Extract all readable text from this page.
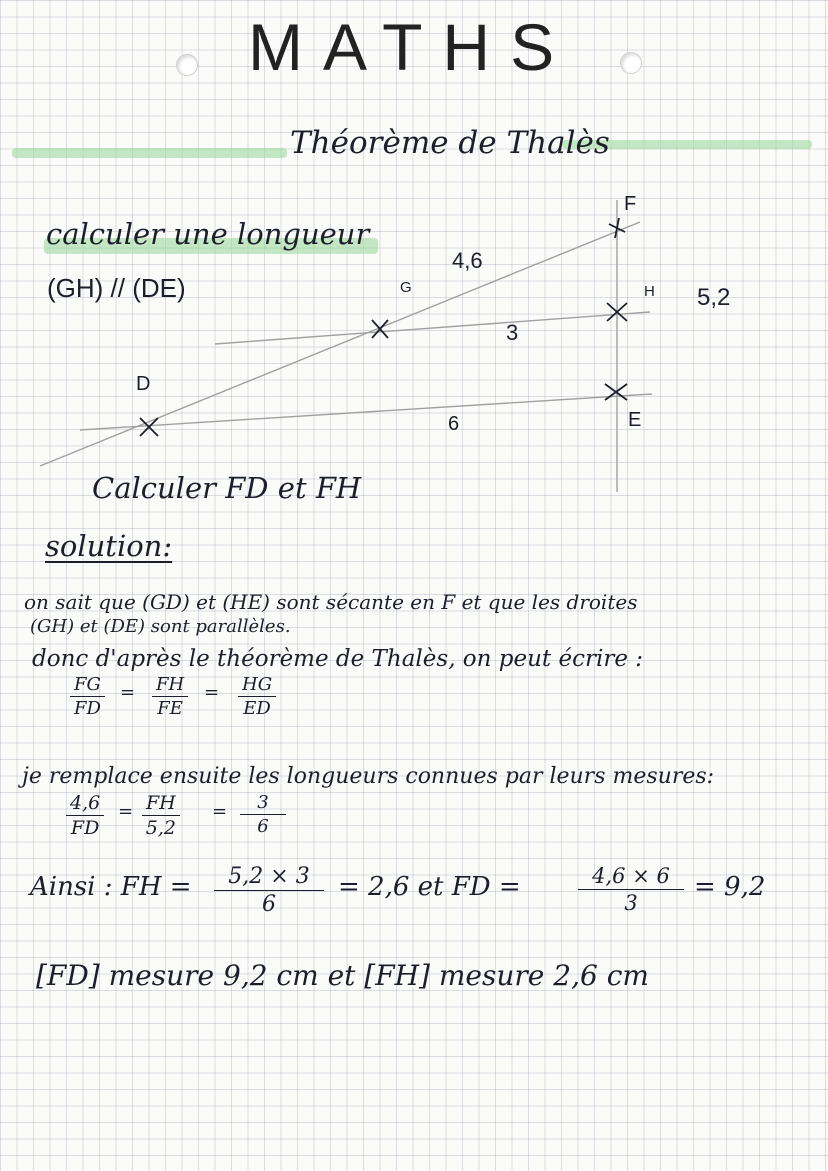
MATHS
Théorème de Thalès
calculer une longueur
(GH) // (DE)
F
G	H
D
E
4,6
3
5,2
6
Calculer FD et FH
solution:
on sait que (GD) et (HE) sont sécante en F et que les droites
(GH) et (DE) sont parallèles.
donc d'après le théorème de Thalès, on peut écrire :
$\frac{FG}{FD} = \frac{FH}{FE} = \frac{HG}{ED}$
je remplace ensuite les longueurs connues par leurs mesures:
$\frac{4,6}{FD} = \frac{FH}{5,2} = \frac{3}{6}$
Ainsi : FH = $\frac{5,2 \times 3}{6} = 2,6$ et FD =	$\frac{4,6 \times 6}{3} = 9,2$
[FD] mesure 9,2 cm et [FH] mesure 2,6 cm
